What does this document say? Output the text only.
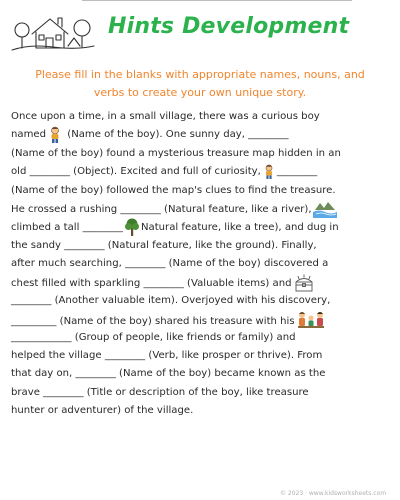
Hints Development
Please fill in the blanks with appropriate names, nouns, and
verbs to create your own unique story.
Once upon a time, in a small village, there was a curious boy
named (Name of the boy). One sunny day, ________
(Name of the boy) found a mysterious treasure map hidden in an
old ________ (Object). Excited and full of curiosity, ________
(Name of the boy) followed the map's clues to find the treasure.
He crossed a rushing ________ (Natural feature, like a river),
climbed a tall ________ Natural feature, like a tree), and dug in
the sandy ________ (Natural feature, like the ground). Finally,
after much searching, ________ (Name of the boy) discovered a
chest filled with sparkling ________ (Valuable items) and
________ (Another valuable item). Overjoyed with his discovery,
_________ (Name of the boy) shared his treasure with his
____________ (Group of people, like friends or family) and
helped the village ________ (Verb, like prosper or thrive). From
that day on, ________ (Name of the boy) became known as the
brave ________ (Title or description of the boy, like treasure
hunter or adventurer) of the village.
© 2023 · www.kidsworksheets.com
